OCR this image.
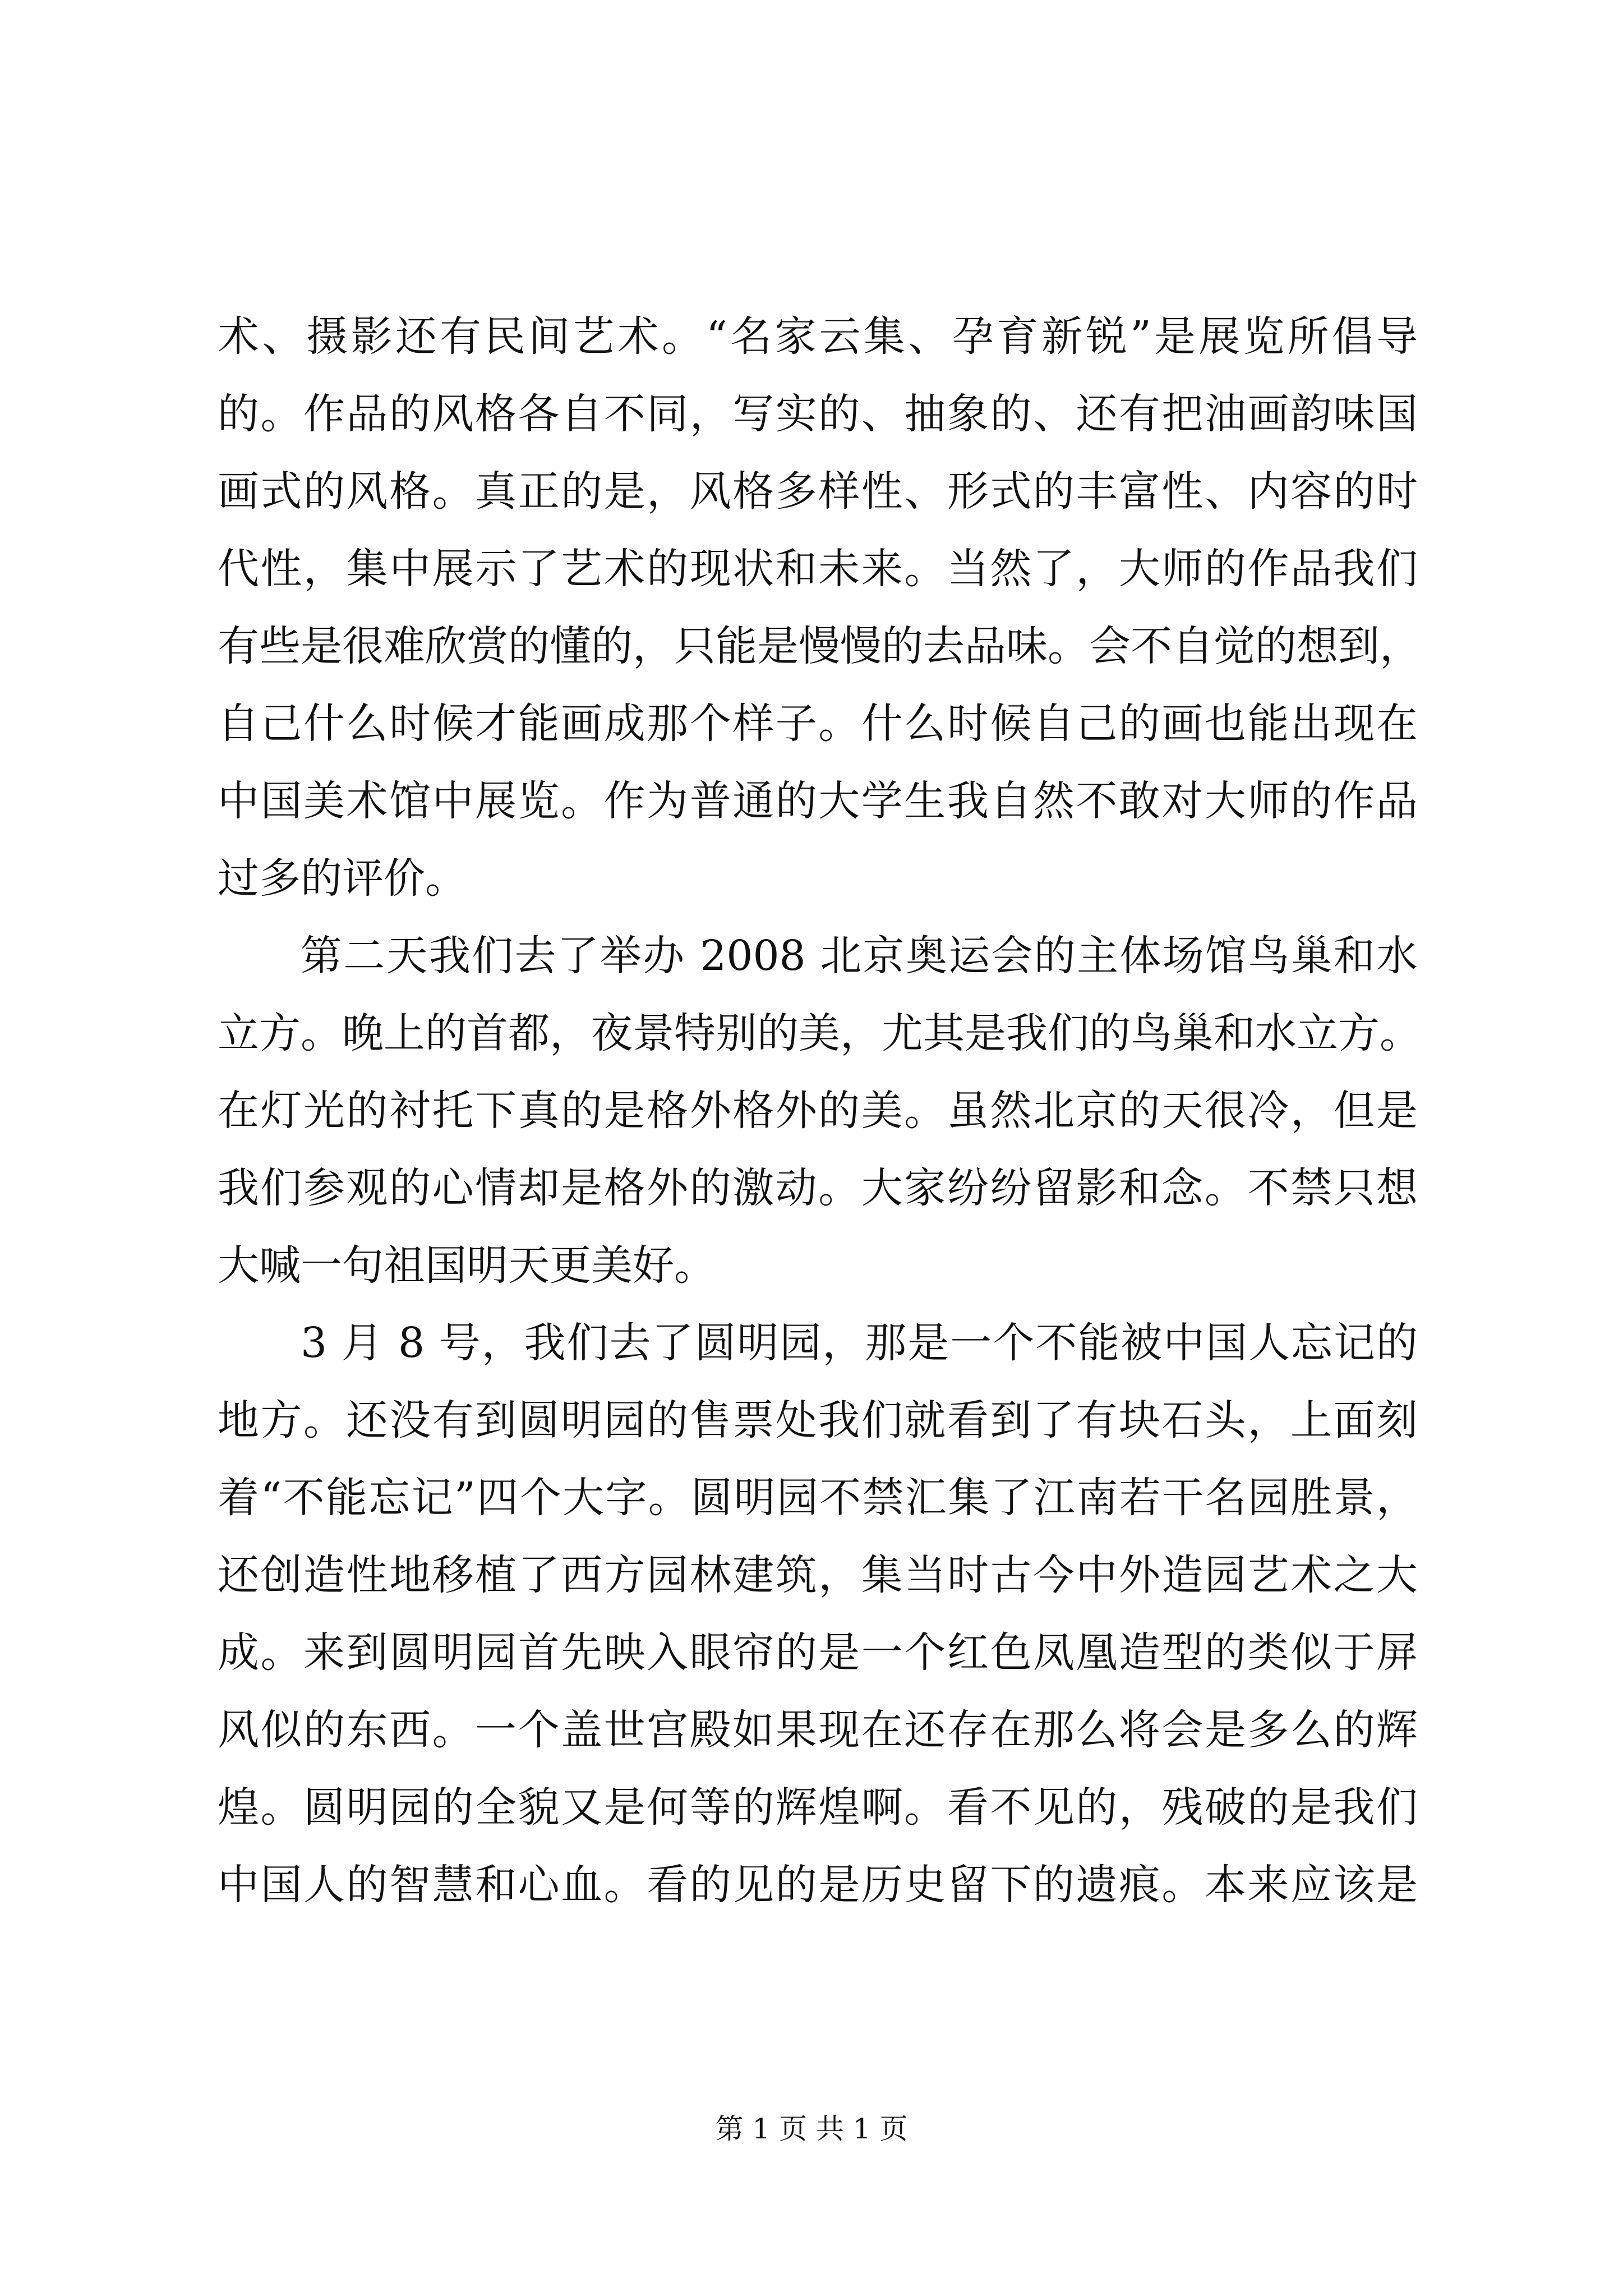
术、摄影还有民间艺术。“名家云集、孕育新锐”是展览所倡导
的。作品的风格各自不同，写实的、抽象的、还有把油画韵味国
画式的风格。真正的是，风格多样性、形式的丰富性、内容的时
代性，集中展示了艺术的现状和未来。当然了，大师的作品我们
有些是很难欣赏的懂的，只能是慢慢的去品味。会不自觉的想到，
自己什么时候才能画成那个样子。什么时候自己的画也能出现在
中国美术馆中展览。作为普通的大学生我自然不敢对大师的作品
过多的评价。
第二天我们去了举办 2008 北京奥运会的主体场馆鸟巢和水
立方。晚上的首都，夜景特别的美，尤其是我们的鸟巢和水立方。
在灯光的衬托下真的是格外格外的美。虽然北京的天很冷，但是
我们参观的心情却是格外的激动。大家纷纷留影和念。不禁只想
大喊一句祖国明天更美好。
3 月 8 号，我们去了圆明园，那是一个不能被中国人忘记的
地方。还没有到圆明园的售票处我们就看到了有块石头，上面刻
着“不能忘记”四个大字。圆明园不禁汇集了江南若干名园胜景，
还创造性地移植了西方园林建筑，集当时古今中外造园艺术之大
成。来到圆明园首先映入眼帘的是一个红色凤凰造型的类似于屏
风似的东西。一个盖世宫殿如果现在还存在那么将会是多么的辉
煌。圆明园的全貌又是何等的辉煌啊。看不见的，残破的是我们
中国人的智慧和心血。看的见的是历史留下的遗痕。本来应该是
第 1 页 共 1 页
